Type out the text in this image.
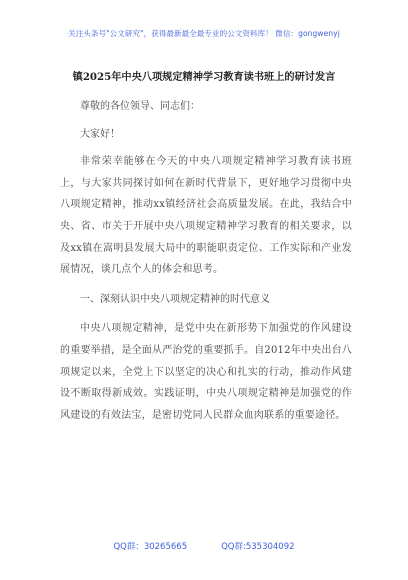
关注头条号"公文研究"，获得最新最全最专业的公文资料库！ 微信：gongwenyj
镇2025年中央八项规定精神学习教育读书班上的研讨发言

尊敬的各位领导、同志们：

大家好！

非常荣幸能够在今天的中央八项规定精神学习教育读书班上，与大家共同探讨如何在新时代背景下，更好地学习贯彻中央八项规定精神，推动xx镇经济社会高质量发展。在此，我结合中央、省、市关于开展中央八项规定精神学习教育的相关要求，以及xx镇在嵩明县发展大局中的职能职责定位、工作实际和产业发展情况，谈几点个人的体会和思考。

一、深刻认识中央八项规定精神的时代意义

中央八项规定精神，是党中央在新形势下加强党的作风建设的重要举措，是全面从严治党的重要抓手。自2012年中央出台八项规定以来，全党上下以坚定的决心和扎实的行动，推动作风建设不断取得新成效。实践证明，中央八项规定精神是加强党的作风建设的有效法宝，是密切党同人民群众血肉联系的重要途径。

QQ群：30265665	QQ群:535304092
